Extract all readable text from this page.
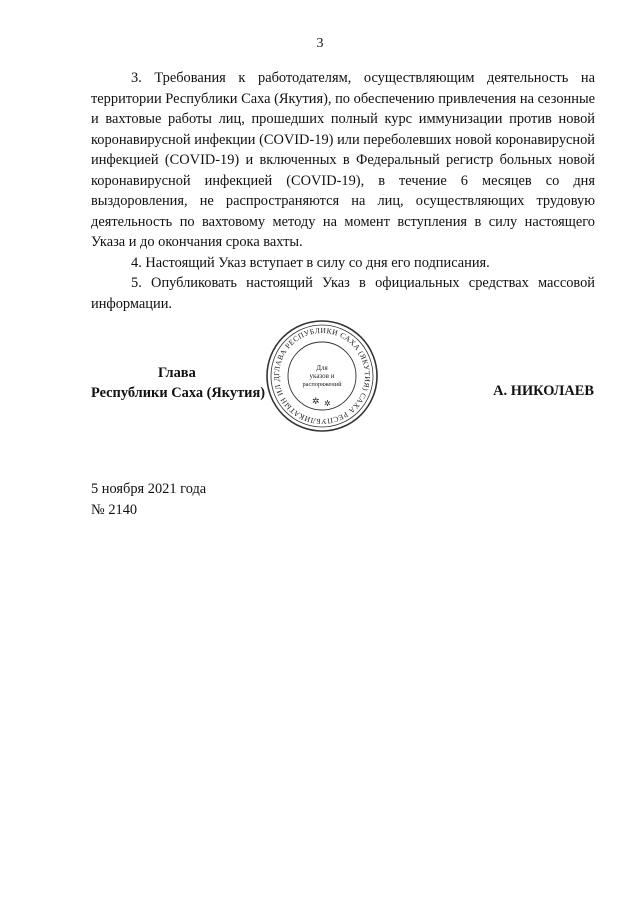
3

3. Требования к работодателям, осуществляющим деятельность на территории Республики Саха (Якутия), по обеспечению привлечения на сезонные и вахтовые работы лиц, прошедших полный курс иммунизации против новой коронавирусной инфекции (COVID-19) или переболевших новой коронавирусной инфекцией (COVID-19) и включенных в Федеральный регистр больных новой коронавирусной инфекцией (COVID-19), в течение 6 месяцев со дня выздоровления, не распространяются на лиц, осуществляющих трудовую деятельность по вахтовому методу на момент вступления в силу настоящего Указа и до окончания срока вахты.

4. Настоящий Указ вступает в силу со дня его подписания.

5. Опубликовать настоящий Указ в официальных средствах массовой информации.

Глава
Республики Саха (Якутия)	А. НИКОЛАЕВ
ГЛАВА РЕСПУБЛИКИ САХА (ЯКУТИЯ) САХА РЕСПУБЛИКАТЫН ИЛ Д
Для
указов и
распоряжений
✲ ✲
5 ноября 2021 года
№ 2140
